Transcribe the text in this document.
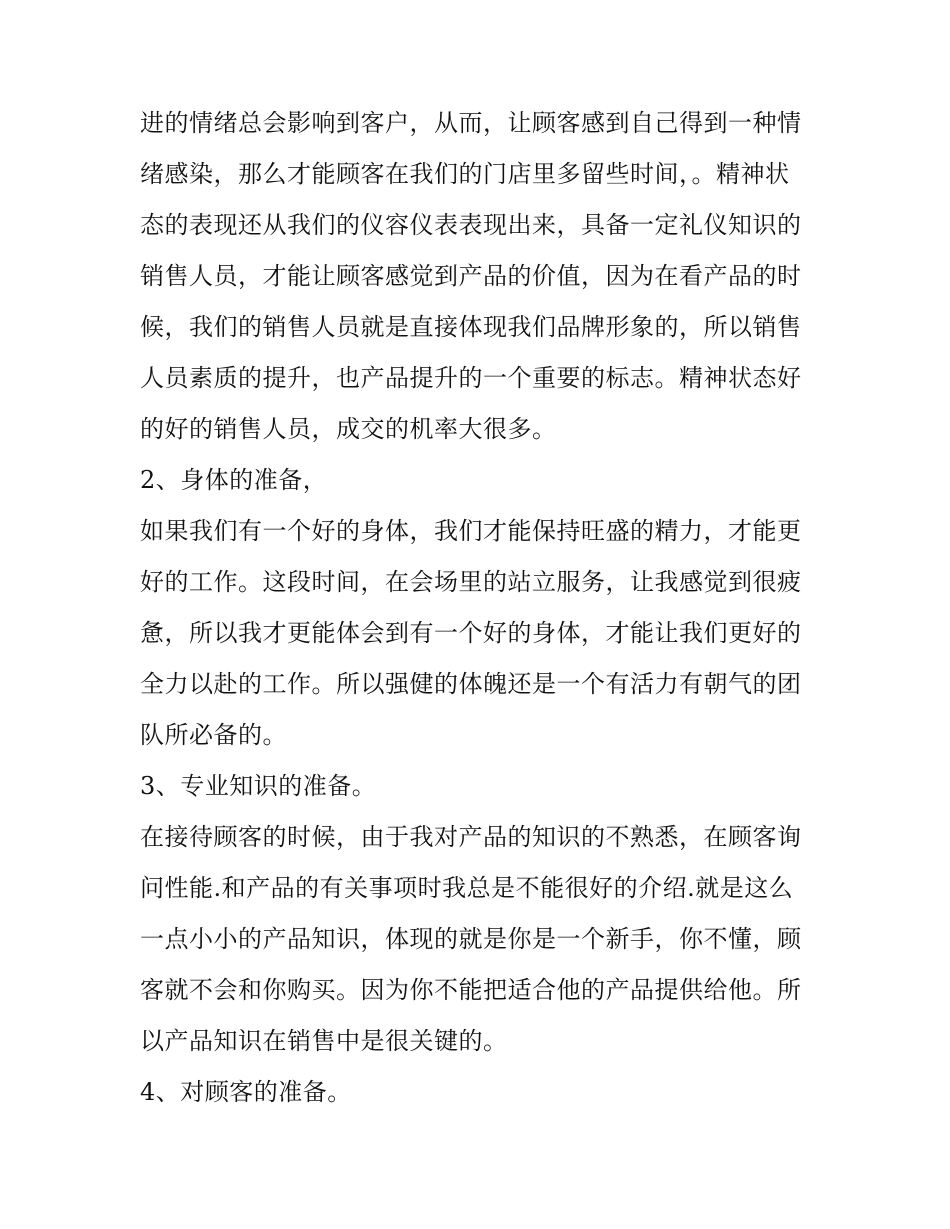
进的情绪总会影响到客户，从而，让顾客感到自己得到一种情
绪感染，那么才能顾客在我们的门店里多留些时间，。精神状
态的表现还从我们的仪容仪表表现出来，具备一定礼仪知识的
销售人员，才能让顾客感觉到产品的价值，因为在看产品的时
候，我们的销售人员就是直接体现我们品牌形象的，所以销售
人员素质的提升，也产品提升的一个重要的标志。精神状态好
的好的销售人员，成交的机率大很多。
2、身体的准备，
如果我们有一个好的身体，我们才能保持旺盛的精力，才能更
好的工作。这段时间，在会场里的站立服务，让我感觉到很疲
惫，所以我才更能体会到有一个好的身体，才能让我们更好的
全力以赴的工作。所以强健的体魄还是一个有活力有朝气的团
队所必备的。
3、专业知识的准备。
在接待顾客的时候，由于我对产品的知识的不熟悉，在顾客询
问性能.和产品的有关事项时我总是不能很好的介绍.就是这么
一点小小的产品知识，体现的就是你是一个新手，你不懂，顾
客就不会和你购买。因为你不能把适合他的产品提供给他。所
以产品知识在销售中是很关键的。
4、对顾客的准备。
